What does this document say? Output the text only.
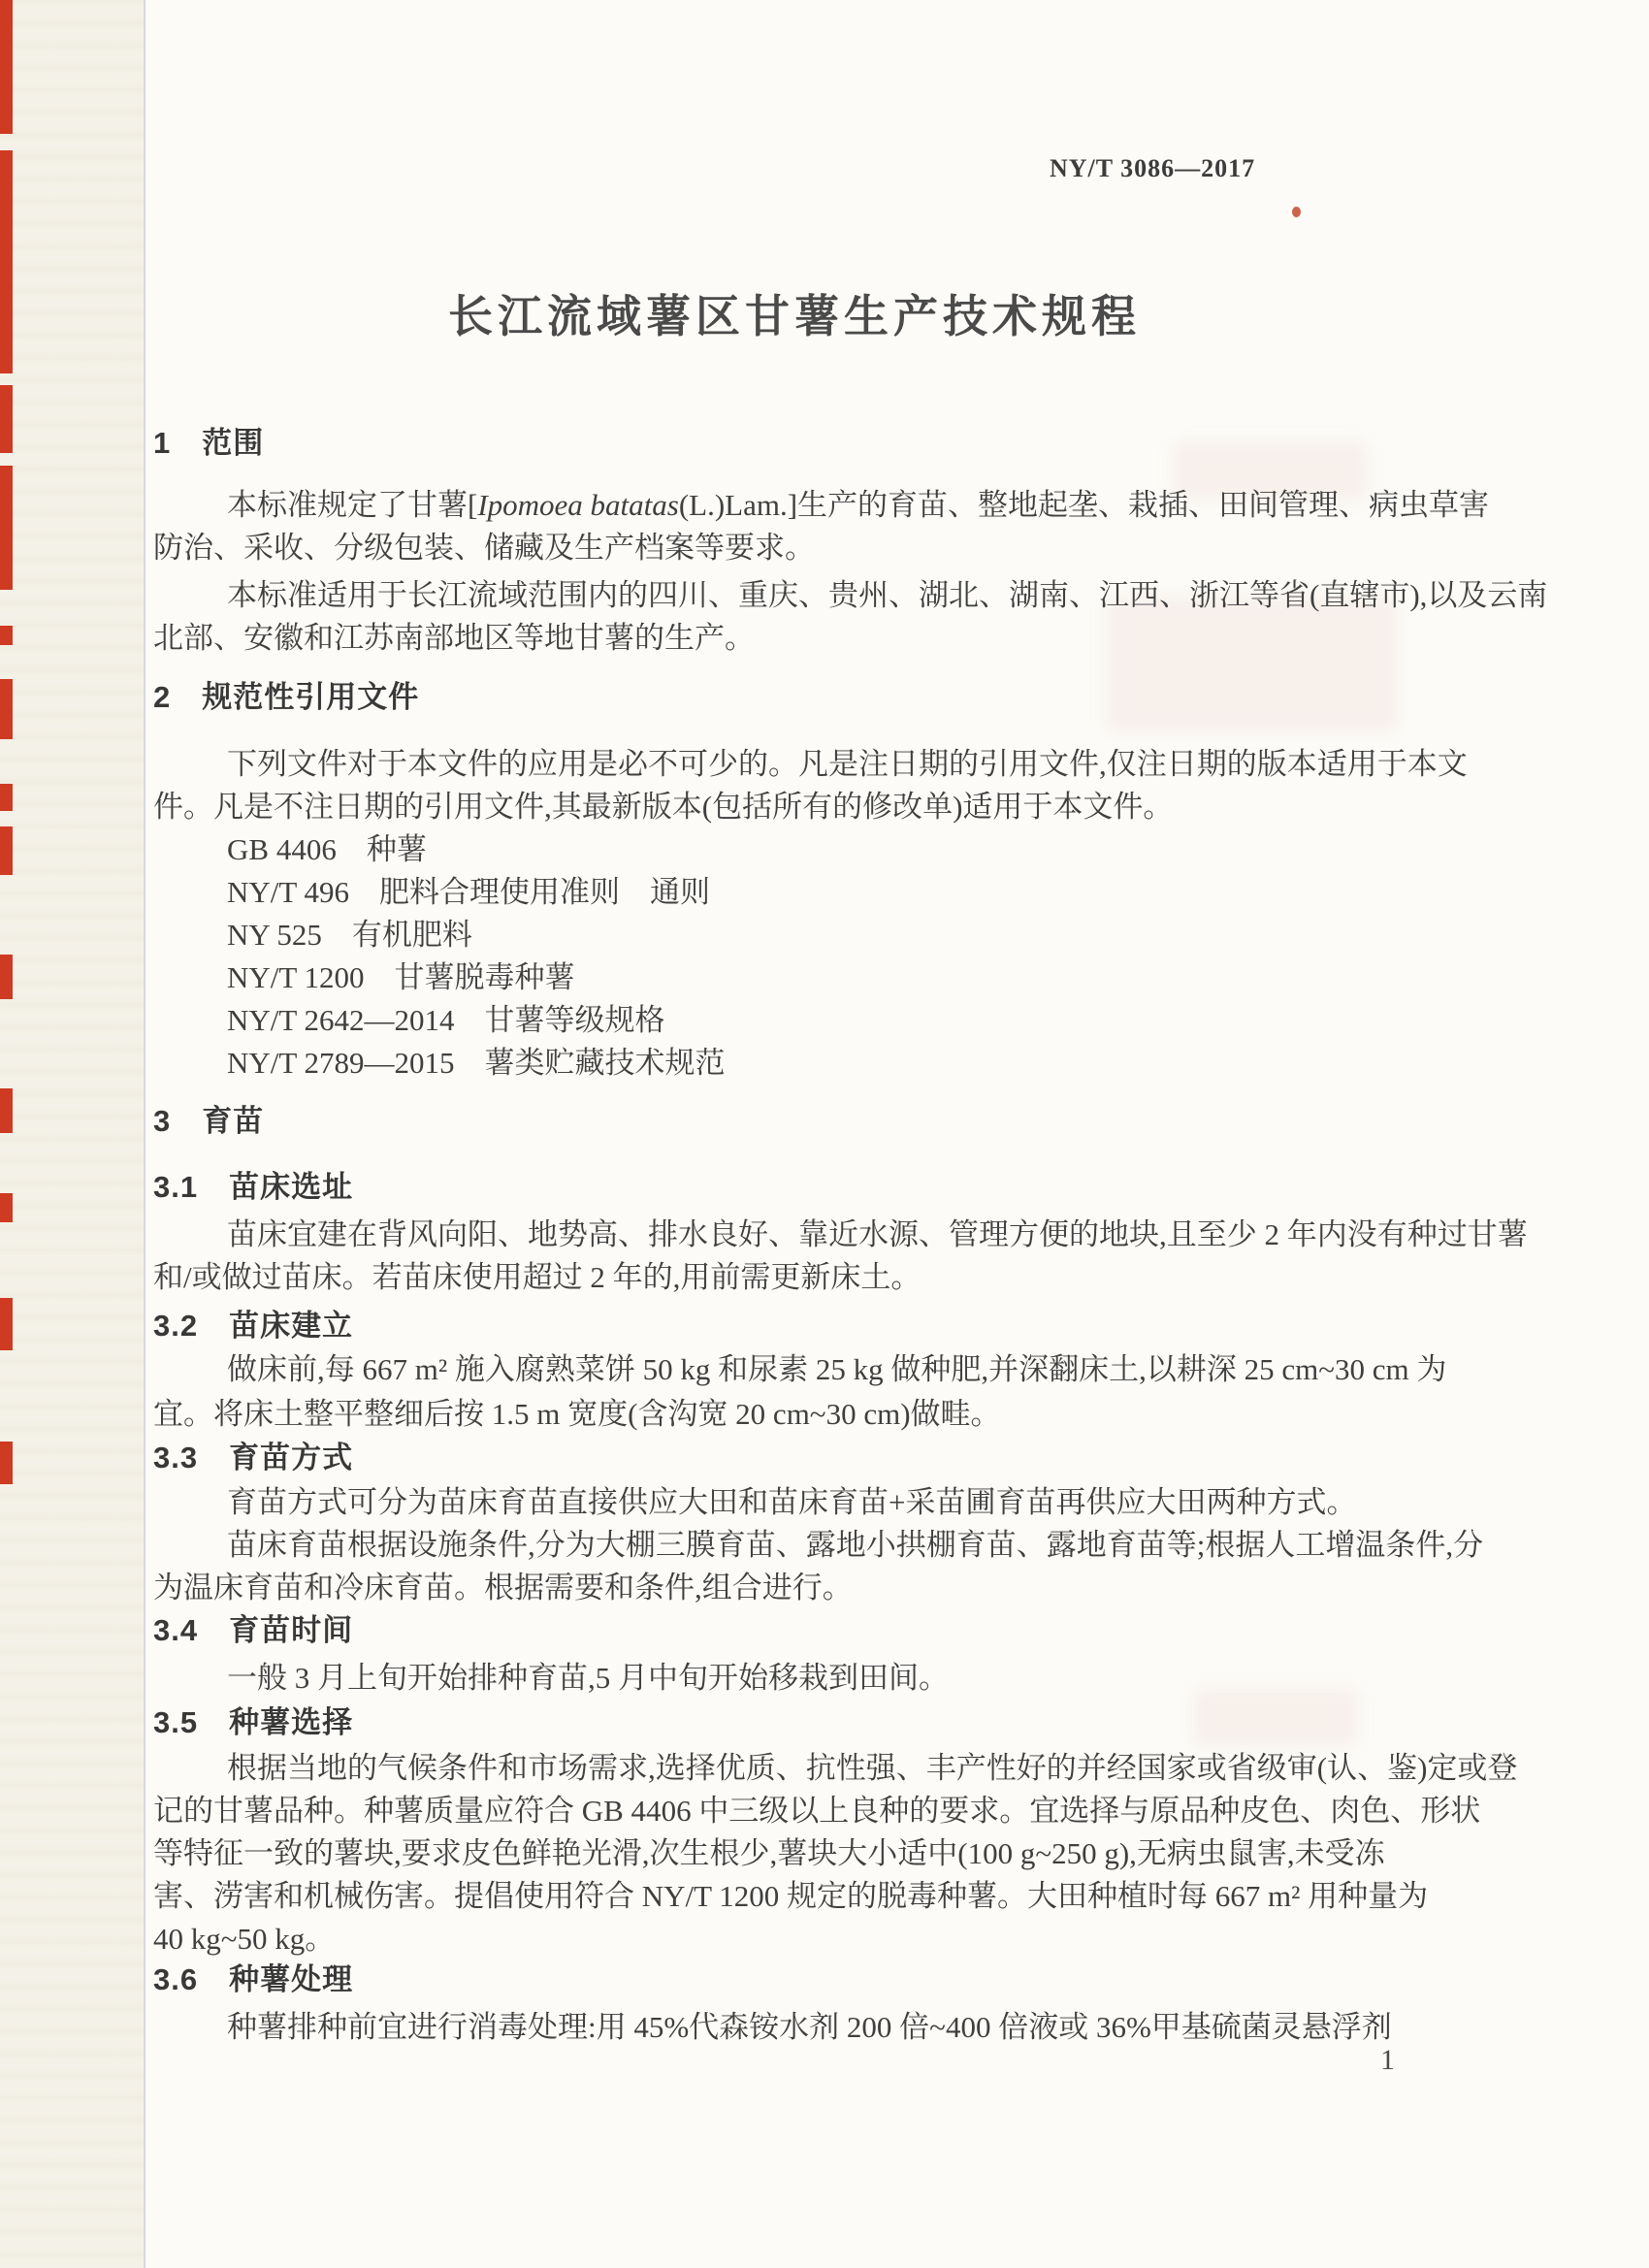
NY/T 3086—2017
长江流域薯区甘薯生产技术规程
1 范围
本标准规定了甘薯[Ipomoea batatas(L.)Lam.]生产的育苗、整地起垄、栽插、田间管理、病虫草害
防治、采收、分级包装、储藏及生产档案等要求。
本标准适用于长江流域范围内的四川、重庆、贵州、湖北、湖南、江西、浙江等省(直辖市),以及云南
北部、安徽和江苏南部地区等地甘薯的生产。
2 规范性引用文件
下列文件对于本文件的应用是必不可少的。凡是注日期的引用文件,仅注日期的版本适用于本文
件。凡是不注日期的引用文件,其最新版本(包括所有的修改单)适用于本文件。
GB 4406　种薯
NY/T 496　肥料合理使用准则　通则
NY 525　有机肥料
NY/T 1200　甘薯脱毒种薯
NY/T 2642—2014　甘薯等级规格
NY/T 2789—2015　薯类贮藏技术规范
3 育苗
3.1 苗床选址
苗床宜建在背风向阳、地势高、排水良好、靠近水源、管理方便的地块,且至少 2 年内没有种过甘薯
和/或做过苗床。若苗床使用超过 2 年的,用前需更新床土。
3.2 苗床建立
做床前,每 667 m² 施入腐熟菜饼 50 kg 和尿素 25 kg 做种肥,并深翻床土,以耕深 25 cm~30 cm 为
宜。将床土整平整细后按 1.5 m 宽度(含沟宽 20 cm~30 cm)做畦。
3.3 育苗方式
育苗方式可分为苗床育苗直接供应大田和苗床育苗+采苗圃育苗再供应大田两种方式。
苗床育苗根据设施条件,分为大棚三膜育苗、露地小拱棚育苗、露地育苗等;根据人工增温条件,分
为温床育苗和冷床育苗。根据需要和条件,组合进行。
3.4 育苗时间
一般 3 月上旬开始排种育苗,5 月中旬开始移栽到田间。
3.5 种薯选择
根据当地的气候条件和市场需求,选择优质、抗性强、丰产性好的并经国家或省级审(认、鉴)定或登
记的甘薯品种。种薯质量应符合 GB 4406 中三级以上良种的要求。宜选择与原品种皮色、肉色、形状
等特征一致的薯块,要求皮色鲜艳光滑,次生根少,薯块大小适中(100 g~250 g),无病虫鼠害,未受冻
害、涝害和机械伤害。提倡使用符合 NY/T 1200 规定的脱毒种薯。大田种植时每 667 m² 用种量为
40 kg~50 kg。
3.6 种薯处理
种薯排种前宜进行消毒处理:用 45%代森铵水剂 200 倍~400 倍液或 36%甲基硫菌灵悬浮剂
1
